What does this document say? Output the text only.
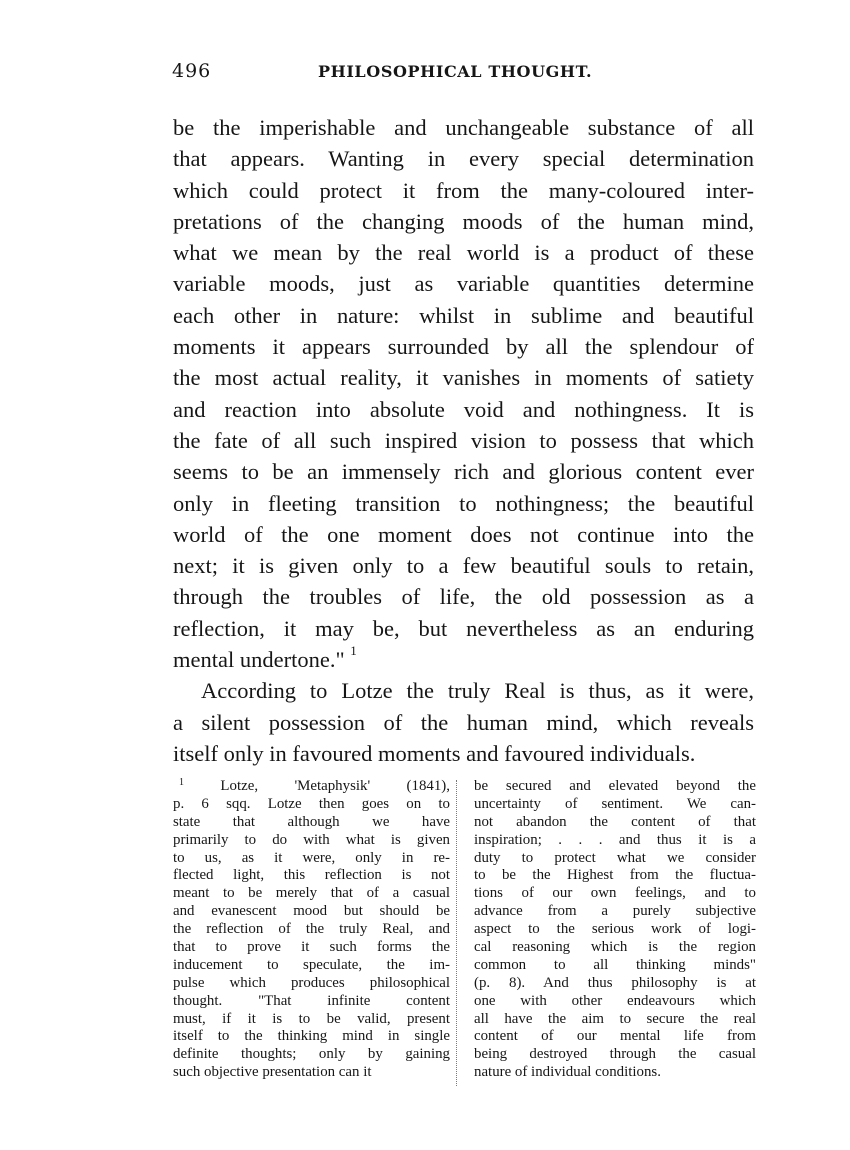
496	PHILOSOPHICAL THOUGHT.
be the imperishable and unchangeable substance of all
that appears. Wanting in every special determination
which could protect it from the many-coloured inter-
pretations of the changing moods of the human mind,
what we mean by the real world is a product of these
variable moods, just as variable quantities determine
each other in nature: whilst in sublime and beautiful
moments it appears surrounded by all the splendour of
the most actual reality, it vanishes in moments of satiety
and reaction into absolute void and nothingness. It is
the fate of all such inspired vision to possess that which
seems to be an immensely rich and glorious content ever
only in fleeting transition to nothingness; the beautiful
world of the one moment does not continue into the
next; it is given only to a few beautiful souls to retain,
through the troubles of life, the old possession as a
reflection, it may be, but nevertheless as an enduring
mental undertone." $^1$
According to Lotze the truly Real is thus, as it were,
a silent possession of the human mind, which reveals
itself only in favoured moments and favoured individuals.
$^1$ Lotze, 'Metaphysik' (1841),
p. 6 sqq. Lotze then goes on to
state that although we have
primarily to do with what is given
to us, as it were, only in re-
flected light, this reflection is not
meant to be merely that of a casual
and evanescent mood but should be
the reflection of the truly Real, and
that to prove it such forms the
inducement to speculate, the im-
pulse which produces philosophical
thought. "That infinite content
must, if it is to be valid, present
itself to the thinking mind in single
definite thoughts; only by gaining
such objective presentation can it
be secured and elevated beyond the
uncertainty of sentiment. We can-
not abandon the content of that
inspiration; . . . and thus it is a
duty to protect what we consider
to be the Highest from the fluctua-
tions of our own feelings, and to
advance from a purely subjective
aspect to the serious work of logi-
cal reasoning which is the region
common to all thinking minds"
(p. 8). And thus philosophy is at
one with other endeavours which
all have the aim to secure the real
content of our mental life from
being destroyed through the casual
nature of individual conditions.
